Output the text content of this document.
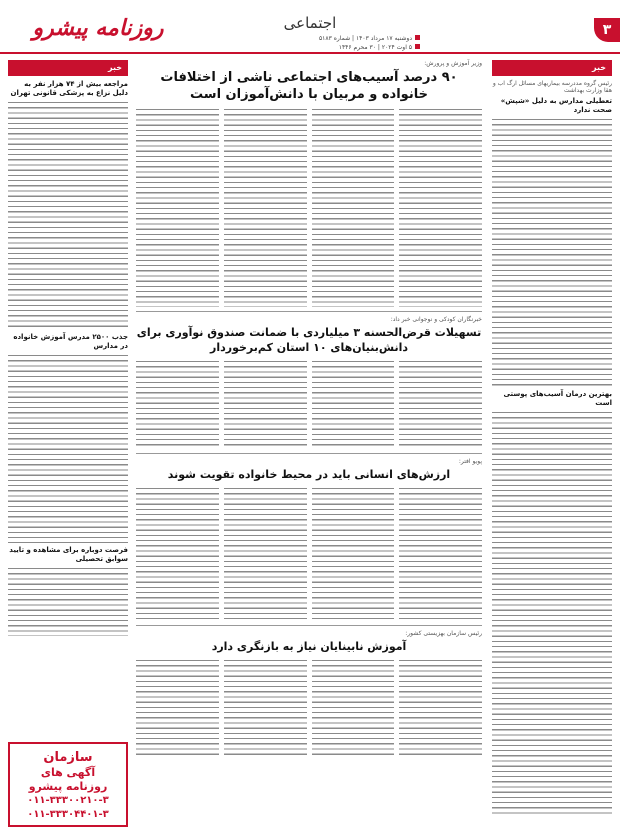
۳
اجتماعی
دوشنبه ۱۷ مرداد ۱۴۰۳ | شماره ۵۱۸۳
۵ اوت ۲۰۲۴ | ۳۰ محرم ۱۴۴۶
روزنامه پیشرو
خبر
رئیس گروه مددرسه بیماریهای مسائل ارگ اب و هقا وزارت بهداشت
تعطیلی مدارس به دلیل «شپش» صحت ندارد
بهترین درمان آسیب‌های پوستی است
خبر
مراجعه بیش از ۷۴ هزار نفر به دلیل نزاع به پزشکی قانونی تهران
جذب ۲۵۰۰ مدرس آموزش خانواده در مدارس
فرصت دوباره برای مشاهده و تایید سوابق تحصیلی
سازمان
آگهی های
روزنامه پیشرو
۰۱۱-۳۳۳۰۰۲۱۰-۳
۰۱۱-۳۳۳۰۴۴۰۱-۳
وزیر آموزش و پرورش:
۹۰ درصد آسیب‌های اجتماعی ناشی از اختلافات خانواده و مربیان با دانش‌آموزان است
خبرنگاران کودکی و نوجوانی خبر داد:
تسهیلات قرض‌الحسنه ۳ میلیاردی با ضمانت صندوق نوآوری برای دانش‌بنیان‌های ۱۰ استان کم‌برخوردار
پویو افتر:
ارزش‌های انسانی باید در محیط خانواده تقویت شوند
رئیس سازمان بهزیستی کشور:
آموزش نابینایان نیاز به بازنگری دارد
